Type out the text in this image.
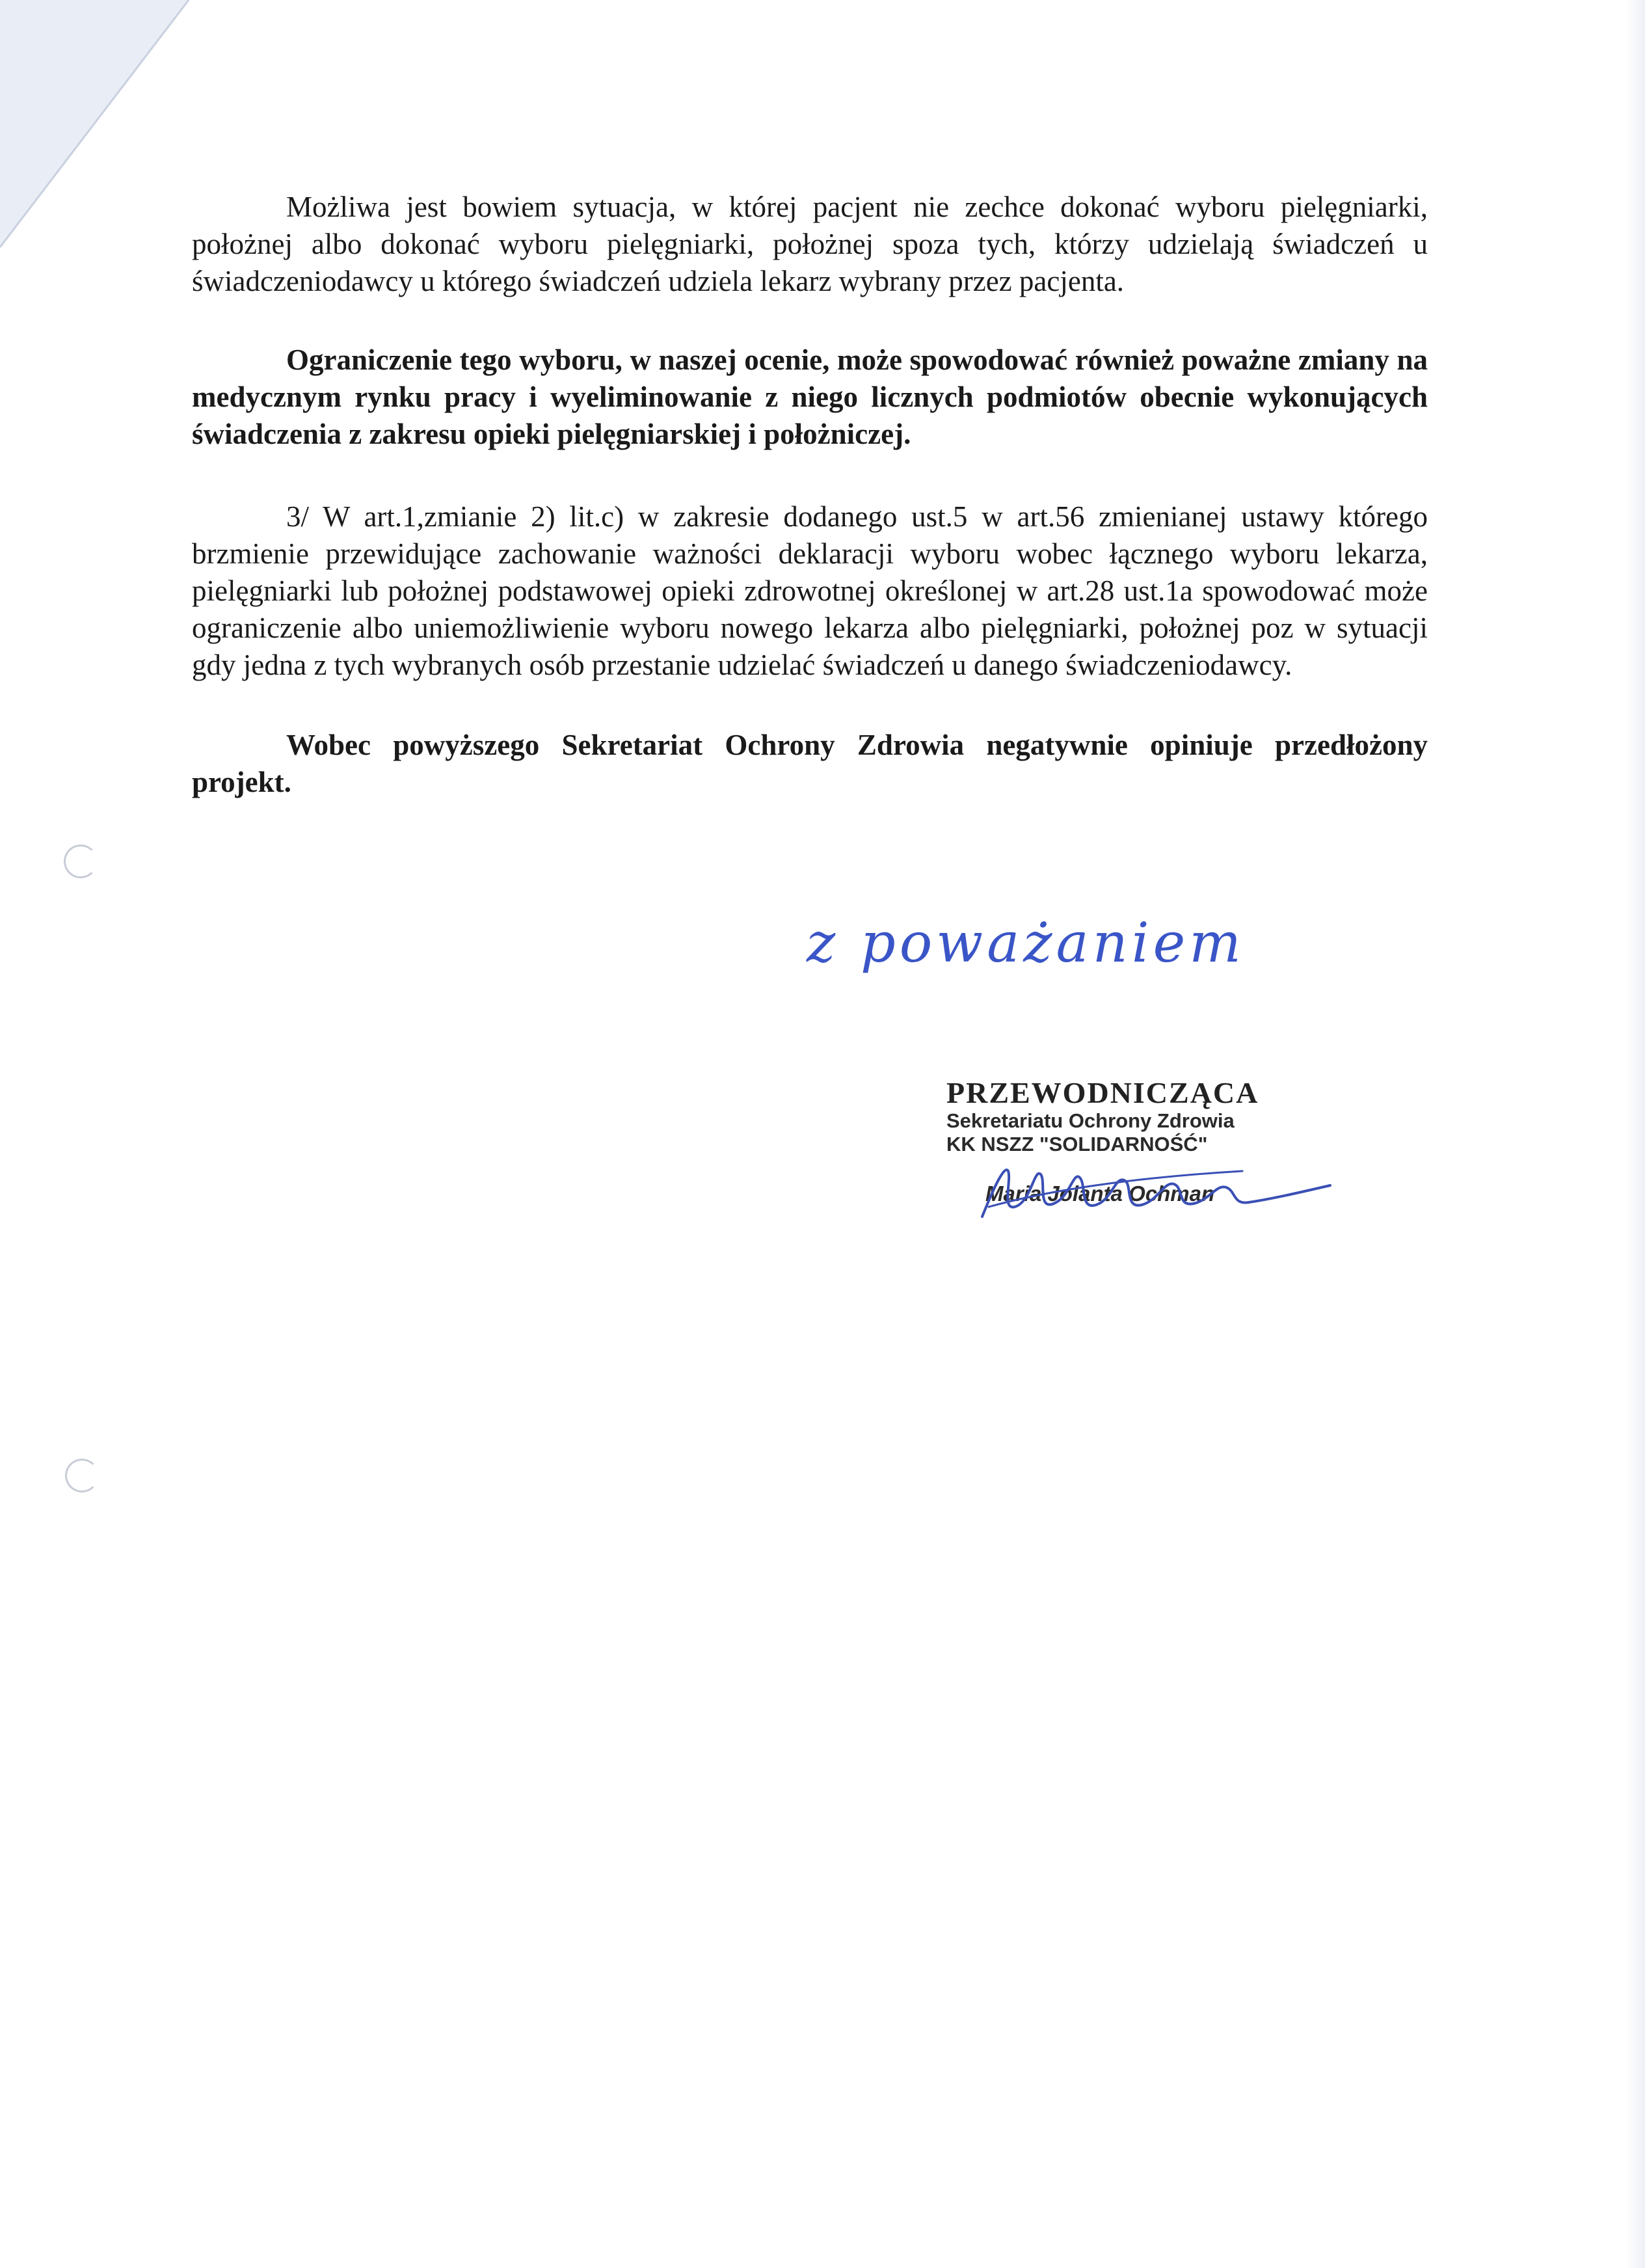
Możliwa jest bowiem sytuacja, w której pacjent nie zechce dokonać wyboru pielęgniarki, położnej albo dokonać wyboru pielęgniarki, położnej spoza tych, którzy udzielają świadczeń u świadczeniodawcy u którego świadczeń udziela lekarz wybrany przez pacjenta.

Ograniczenie tego wyboru, w naszej ocenie, może spowodować również poważne zmiany na medycznym rynku pracy i wyeliminowanie z niego licznych podmiotów obecnie wykonujących świadczenia z zakresu opieki pielęgniarskiej i położniczej.

3/ W art.1,zmianie 2) lit.c) w zakresie dodanego ust.5 w art.56 zmienianej ustawy którego brzmienie przewidujące zachowanie ważności deklaracji wyboru wobec łącznego wyboru lekarza, pielęgniarki lub położnej podstawowej opieki zdrowotnej określonej w art.28 ust.1a spowodować może ograniczenie albo uniemożliwienie wyboru nowego lekarza albo pielęgniarki, położnej poz w sytuacji gdy jedna z tych wybranych osób przestanie udzielać świadczeń u danego świadczeniodawcy.

Wobec powyższego Sekretariat Ochrony Zdrowia negatywnie opiniuje przedłożony projekt.

z poważaniem
PRZEWODNICZĄCA
Sekretariatu Ochrony Zdrowia
KK NSZZ "SOLIDARNOŚĆ"
Maria Jolanta Ochman
